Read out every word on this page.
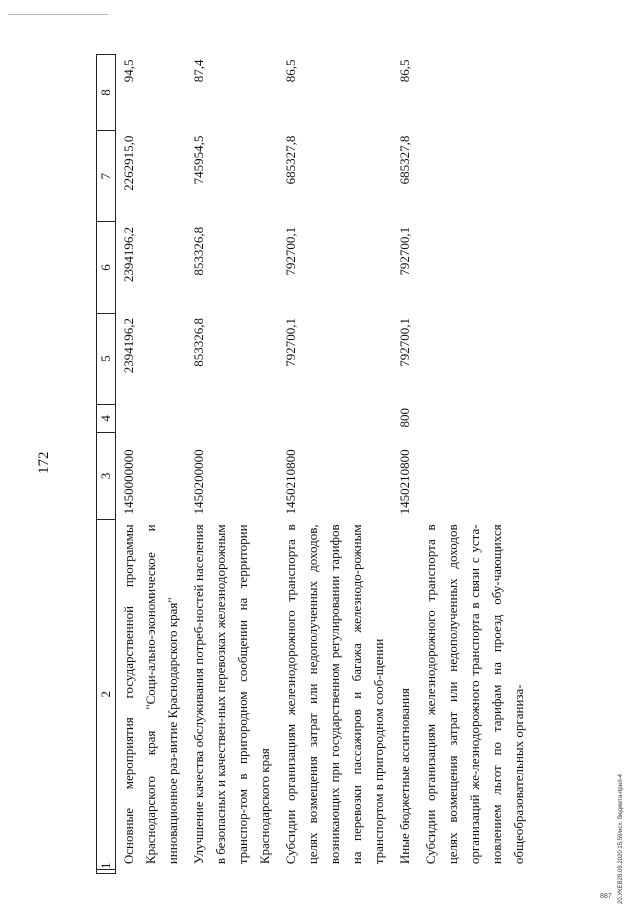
172
1	2	3	4	5	6	7	8
	Основные мероприятия государственной программы Краснодарского края "Соци-ально-экономическое и инновационное раз-витие Краснодарского края"	1450000000		2394196,2	2394196,2	2262915,0	94,5
	Улучшение качества обслуживания потреб-ностей населения в безопасных и качествен-ных перевозках железнодорожным транспор-том в пригородном сообщении на территории Краснодарского края	1450200000		853326,8	853326,8	745954,5	87,4
	Субсидии организациям железнодорожного транспорта в целях возмещения затрат или недополученных доходов, возникающих при государственном регулировании тарифов на перевозки пассажиров и багажа железнодо-рожным транспортом в пригородном сооб-щении	1450210800		792700,1	792700,1	685327,8	86,5
	Иные бюджетные ассигнования	1450210800	800	792700,1	792700,1	685327,8	86,5
	Субсидии организациям железнодорожного транспорта в целях возмещения затрат или недополученных доходов организаций же-лезнодорожного транспорта в связи с уста-новлением льгот по тарифам на проезд обу-чающихся общеобразовательных организа-							20.УКЕВ28.09.2020 15:59/исх. бюджета-прил-4
887
